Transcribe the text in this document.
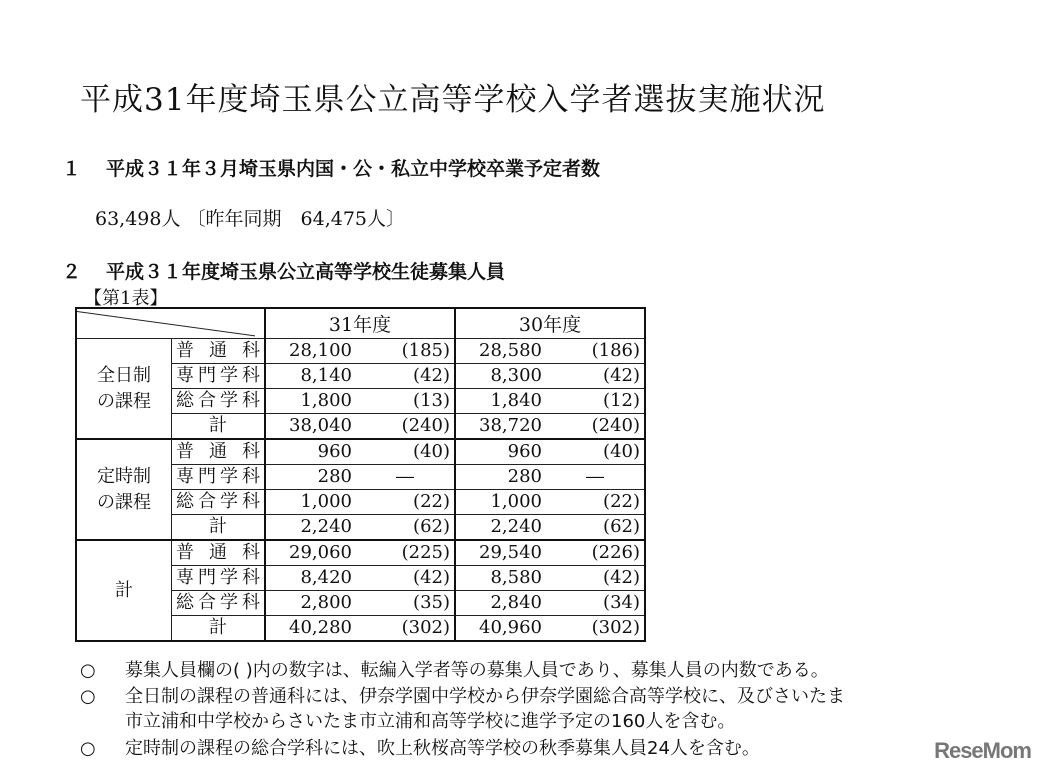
平成31年度埼玉県公立高等学校入学者選抜実施状況
１ 平成３１年３月埼玉県内国・公・私立中学校卒業予定者数
63,498人 〔昨年同期　64,475人〕
２ 平成３１年度埼玉県公立高等学校生徒募集人員
【第1表】
		31年度		30年度	
全日制
の課程	普通科	28,100	(185)	28,580	(186)
	専門学科	8,140	(42)	8,300	(42)
	総合学科	1,800	(13)	1,840	(12)
	計	38,040	(240)	38,720	(240)
定時制
の課程	普通科	960	(40)	960	(40)
	専門学科	280	―	280	―
	総合学科	1,000	(22)	1,000	(22)
	計	2,240	(62)	2,240	(62)
計	普通科	29,060	(225)	29,540	(226)
	専門学科	8,420	(42)	8,580	(42)
	総合学科	2,800	(35)	2,840	(34)
	計	40,280	(302)	40,960	(302)
○ 募集人員欄の( )内の数字は、転編入学者等の募集人員であり、募集人員の内数である。
○ 全日制の課程の普通科には、伊奈学園中学校から伊奈学園総合高等学校に、及びさいたま
市立浦和中学校からさいたま市立浦和高等学校に進学予定の160人を含む。
○ 定時制の課程の総合学科には、吹上秋桜高等学校の秋季募集人員24人を含む。	ReseMom
